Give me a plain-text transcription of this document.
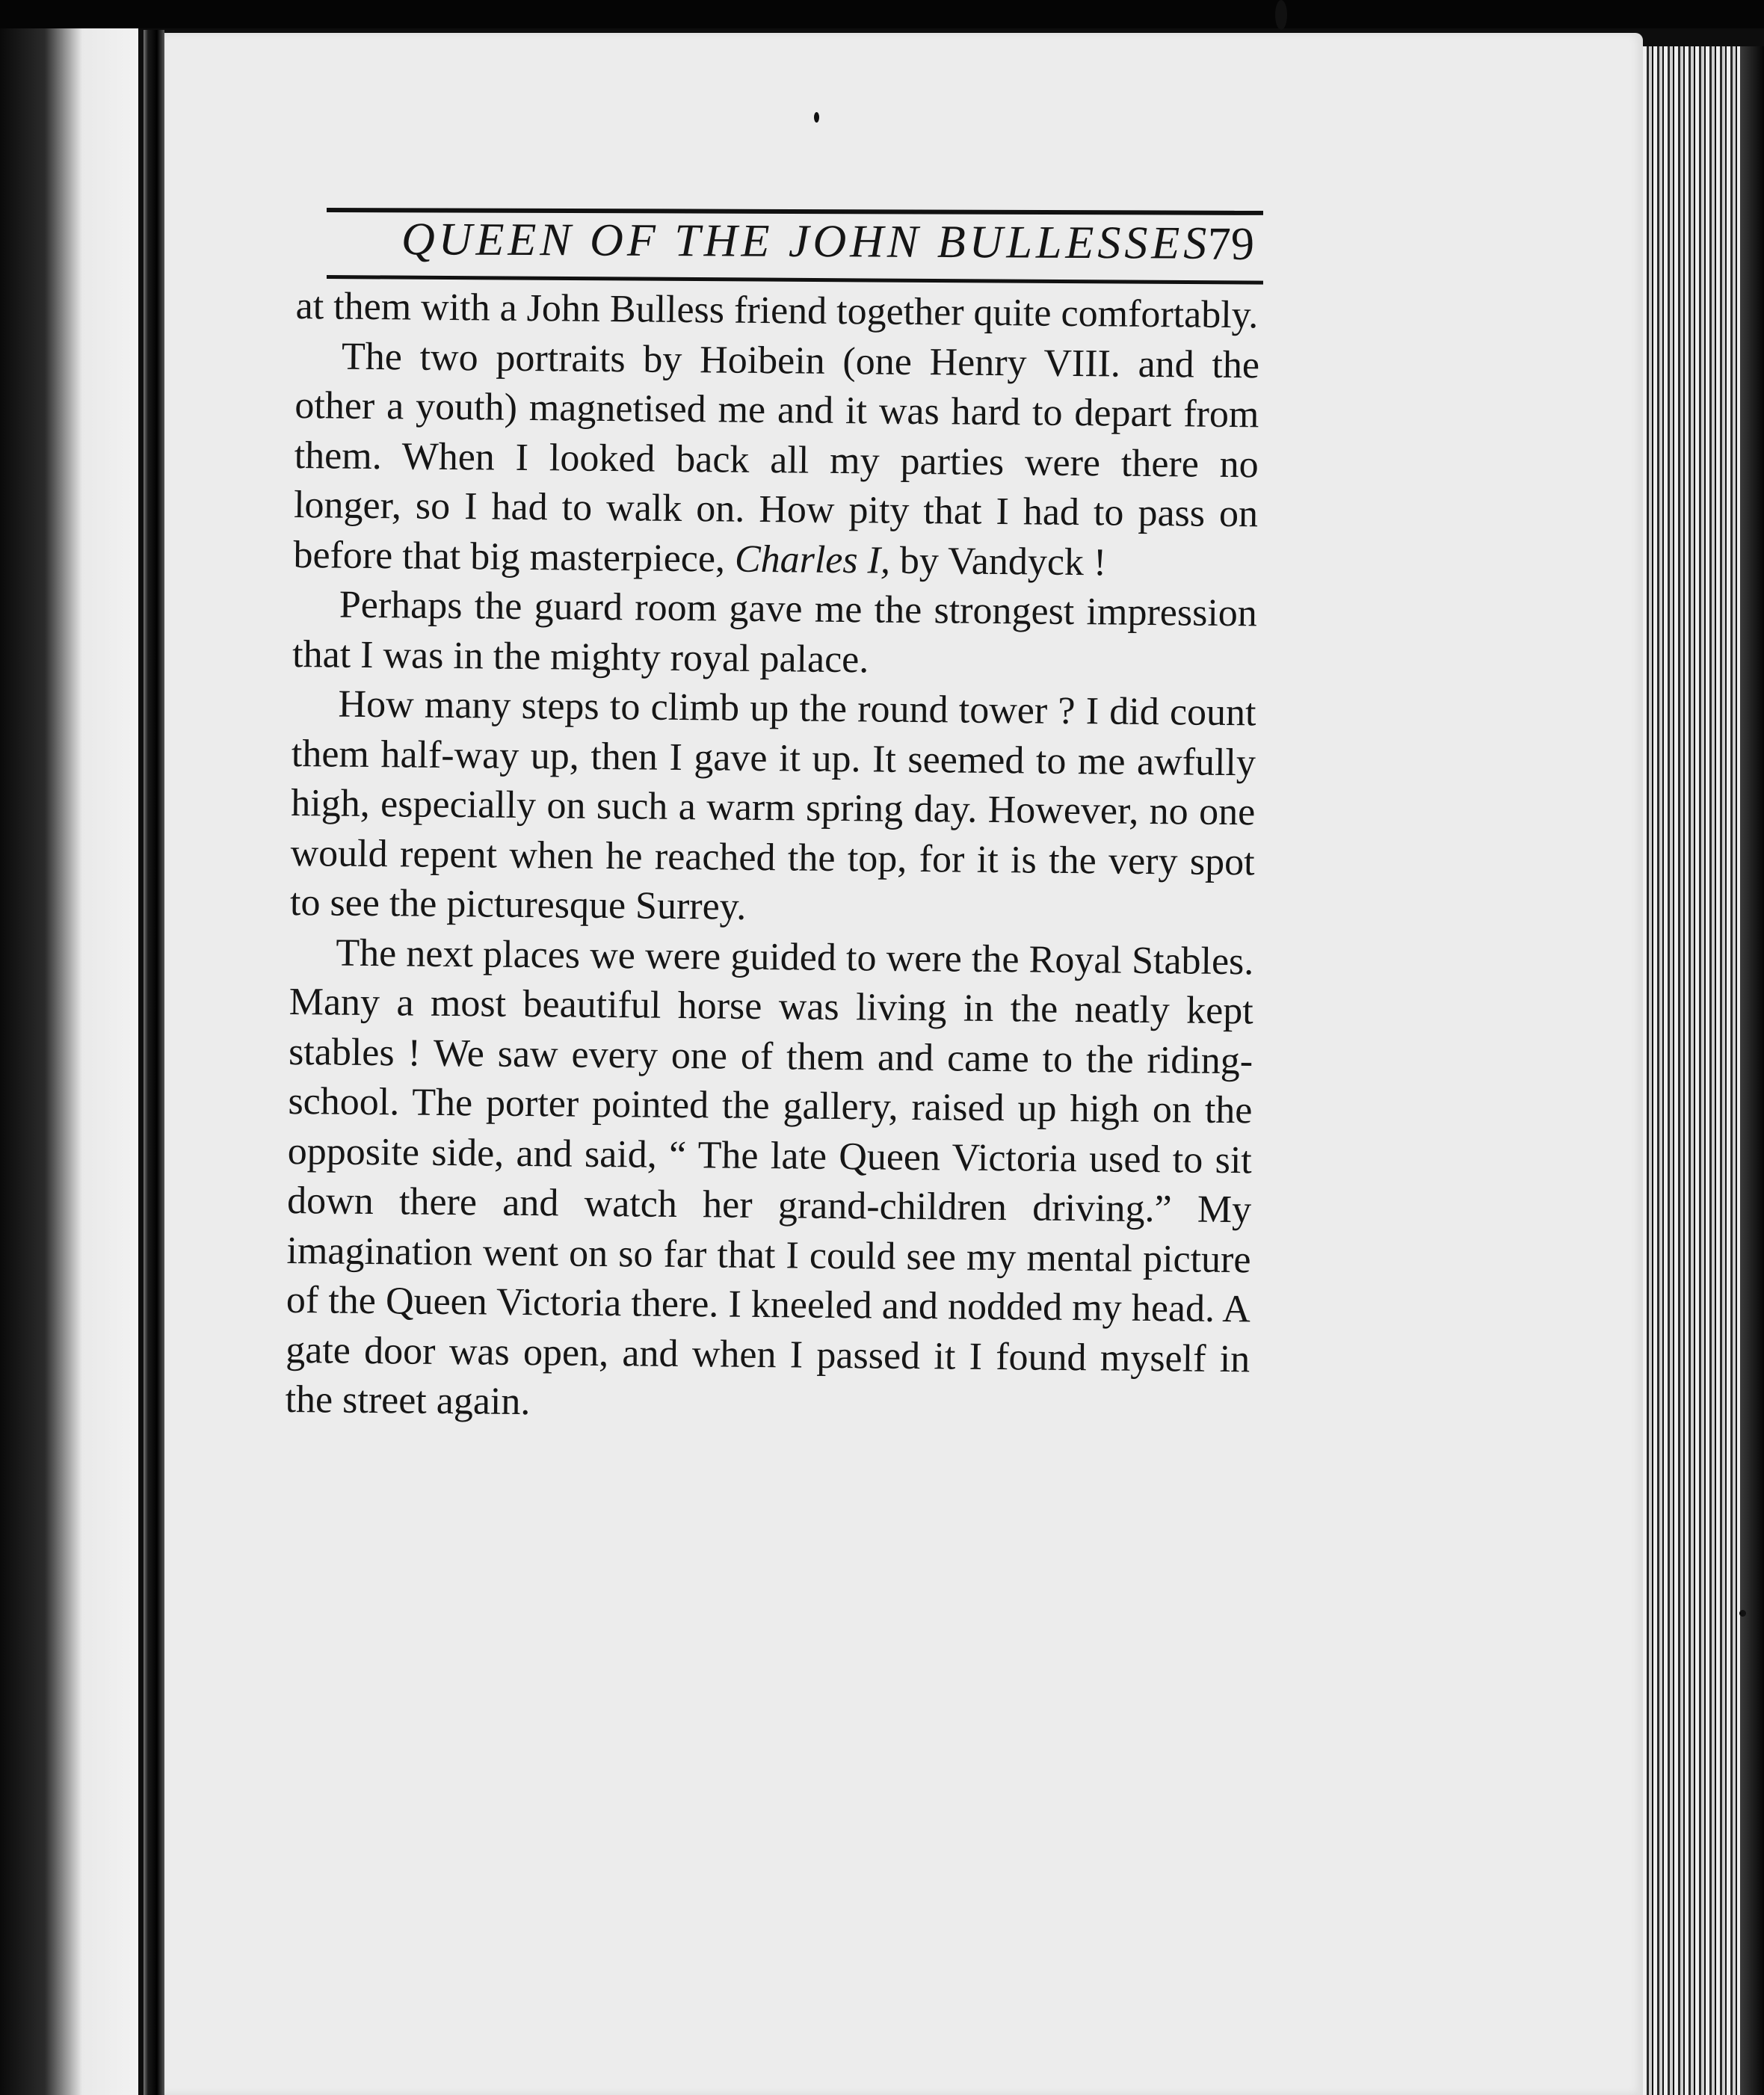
QUEEN OF THE JOHN BULLESSES
79

at them with a John Bulless friend together quite comfortably.

The two portraits by Hoibein (one Henry VIII. and the other a youth) magnetised me and it was hard to depart from them. When I looked back all my parties were there no longer, so I had to walk on. How pity that I had to pass on before that big masterpiece, Charles I, by Vandyck !

Perhaps the guard room gave me the strongest impression that I was in the mighty royal palace.

How many steps to climb up the round tower ? I did count them half-way up, then I gave it up. It seemed to me awfully high, especially on such a warm spring day. However, no one would repent when he reached the top, for it is the very spot to see the picturesque Surrey.

The next places we were guided to were the Royal Stables. Many a most beautiful horse was living in the neatly kept stables ! We saw every one of them and came to the riding-school. The porter pointed the gallery, raised up high on the opposite side, and said, “ The late Queen Victoria used to sit down there and watch her grand-children driving.” My imagination went on so far that I could see my mental picture of the Queen Victoria there. I kneeled and nodded my head. A gate door was open, and when I passed it I found myself in the street again.
